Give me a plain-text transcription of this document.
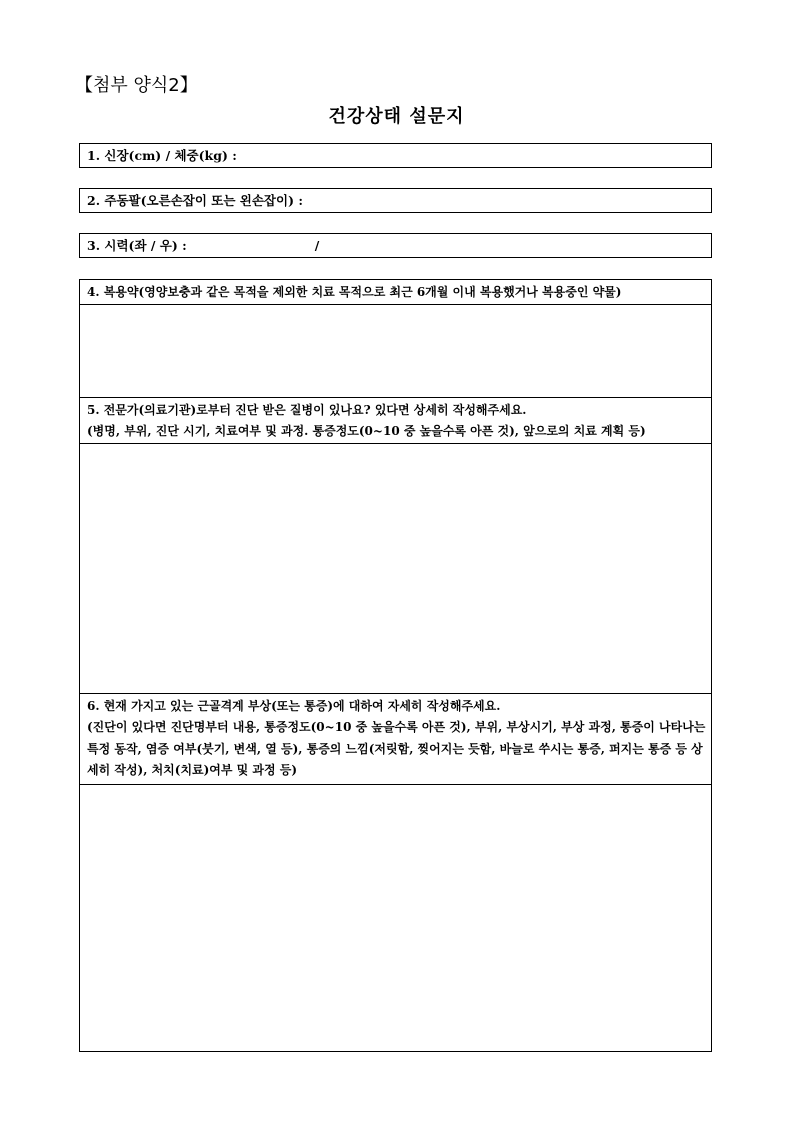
【첨부 양식2】
건강상태 설문지
1. 신장(cm) / 체중(kg) :
2. 주동팔(오른손잡이 또는 왼손잡이) :
3. 시력(좌 / 우) :	/
4. 복용약(영양보충과 같은 목적을 제외한 치료 목적으로 최근 6개월 이내 복용했거나 복용중인 약물)
5. 전문가(의료기관)로부터 진단 받은 질병이 있나요? 있다면 상세히 작성해주세요.
(병명, 부위, 진단 시기, 치료여부 및 과정. 통증정도(0~10 중 높을수록 아픈 것), 앞으로의 치료 계획 등)
6. 현재 가지고 있는 근골격계 부상(또는 통증)에 대하여 자세히 작성해주세요.
(진단이 있다면 진단명부터 내용, 통증정도(0~10 중 높을수록 아픈 것), 부위, 부상시기, 부상 과정, 통증이 나타나는 특정 동작, 염증 여부(붓기, 변색, 열 등), 통증의 느낌(저릿함, 찢어지는 듯함, 바늘로 쑤시는 통증, 퍼지는 통증 등 상세히 작성), 처치(치료)여부 및 과정 등)
